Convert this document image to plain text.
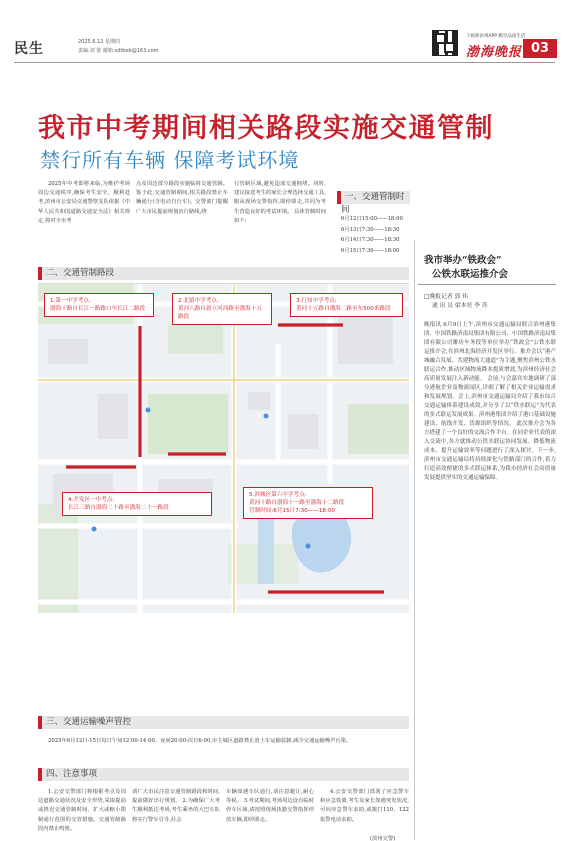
民生	2025.6.12 星期四
责编:刘 蕾 邮箱:sdtbeb@163.com
下载新滨州APP 精享品质生活
渤海晚报 03
我市中考期间相关路段实施交通管制
禁行所有车辆 保障考试环境
2025年中考即将来临,为维护考场周边交通秩序,确保考生安全、顺利赴考,滨州市公安局交通警察支队依据《中华人民共和国道路交通安全法》相关规定,将对全市考
点及周边部分路段实施临时交通管制。 鉴于此,交通管制期间,相关路段禁止车辆通行(含电动自行车)。交警部门提醒广大市民提前规划出行路线,绕
行管制区域,避免造成交通拥堵。同时,建议接送考生的家长合理选择交通工具,服从现场交警指挥,即停即走,共同为考生营造良好的考试环境。 具体管制时间如下:
一、交通管制时间
6月12日15:00——18:00
6月13日7:30——18:30
6月14日7:30——18:30
6月15日7:30——18:00
二、交通管制路段
1.第一中学考点:
渤海十路自长江一路路口至长江二路段
2.北镇中学考点:
黄河八路自新立河西路至渤海十五路段
3.行知中学考点:
黄河十五路自渤海二路至东500米路段
4.开发区一中考点:
长江三路自渤海二十路至渤海二十一路段
5.滨城区第六中学考点:
黄河十路自渤海十一路至渤海十二路段
管制时间:6月15日7:30——18:00
三、交通运输噪声管控
2025年6月12日-15日每日午间12:00-14:00、夜间20:00-次日6:00,市主城区道路禁止渣土车运输装卸,减少交通运输噪声污染。
四、注意事项
1.公安交警部门将根据考点及周边道路交通状况及安全形势,采取提前或推迟交通管制时间、扩大或缩小限制通行范围的交管措施。交通管制路段内禁止鸣笛。
请广大市民注意交通管制路段和时间,提前做好出行规划。 2.为确保广大考生顺利抵达考场,考生乘坐的大巴车队将实行警车引导,社会
车辆如遇车队通行,请注意避让,耐心等候。 3.考试期间,考场周边设有临时停车区域,请按照现场执勤交警指挥停放车辆,即停即走。
4.公安交警部门部署了应急警车和应急铁骑,考生及家长如遇突发状况,可向应急警车求助,或拨打110、122报警电话求助。
(滨州交警)
我市举办“铁政会”
公铁水联运推介会
□晚报记者 郭 伟
通 讯 员 梁本奕 李 苏
晚报讯 6月9日上午,滨州市交通运输局联合滨州港集团、中国铁路济南局集团有限公司、中国铁路济南局集团有限公司潍坊车务段等单位举办“铁政会”公铁水联运推介会,在滨州北海经济开发区举行。推介会以“港产城融合发展、共建物流大通道”为主题,聚焦滨州公铁水联运合作,推动区域物流降本提质增效,为滨州经济社会高质量发展注入新动能。 会前,与会嘉宾实地调研了部分港航企业及物流园区,详细了解了相关企业运输需求和发展规划。会上,滨州市交通运输局介绍了我市综合交通运输体系建设成效,并分享了以“铁水联运”为代表的多式联运发展成果。滨州港集团介绍了港口基础设施建设、航线开发、货源组织等情况。 此次推介会为各方搭建了一个良好的交流合作平台。在同企业代表的深入交流中,各方就推动公铁水联运协同发展、降低物流成本、提升运输效率等问题进行了深入探讨。下一步,滨州市交通运输局将持续深化与铁路部门的合作,着力打造高效便捷的多式联运体系,为我市经济社会高质量发展提供坚实的交通运输保障。
